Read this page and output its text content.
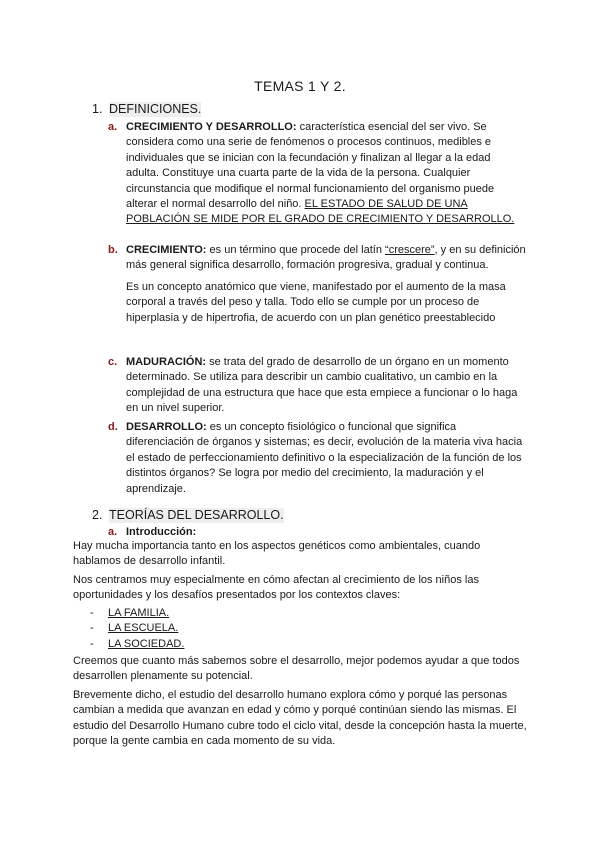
TEMAS 1 Y 2.
1. DEFINICIONES.
a. CRECIMIENTO Y DESARROLLO: característica esencial del ser vivo. Se considera como una serie de fenómenos o procesos continuos, medibles e individuales que se inician con la fecundación y finalizan al llegar a la edad adulta. Constituye una cuarta parte de la vida de la persona. Cualquier circunstancia que modifique el normal funcionamiento del organismo puede alterar el normal desarrollo del niño. EL ESTADO DE SALUD DE UNA POBLACIÓN SE MIDE POR EL GRADO DE CRECIMIENTO Y DESARROLLO.

b. CRECIMIENTO: es un término que procede del latín “crescere”, y en su definición más general significa desarrollo, formación progresiva, gradual y continua.

Es un concepto anatómico que viene, manifestado por el aumento de la masa corporal a través del peso y talla. Todo ello se cumple por un proceso de hiperplasia y de hipertrofia, de acuerdo con un plan genético preestablecido

c. MADURACIÓN: se trata del grado de desarrollo de un órgano en un momento determinado. Se utiliza para describir un cambio cualitativo, un cambio en la complejidad de una estructura que hace que esta empiece a funcionar o lo haga en un nivel superior.

d. DESARROLLO: es un concepto fisiológico o funcional que significa diferenciación de órganos y sistemas; es decir, evolución de la materia viva hacia el estado de perfeccionamiento definitivo o la especialización de la función de los distintos órganos? Se logra por medio del crecimiento, la maduración y el aprendizaje.

2. TEORÍAS DEL DESARROLLO.
a. Introducción:

Hay mucha importancia tanto en los aspectos genéticos como ambientales, cuando hablamos de desarrollo infantil.

Nos centramos muy especialmente en cómo afectan al crecimiento de los niños las oportunidades y los desafíos presentados por los contextos claves:

- LA FAMILIA.
- LA ESCUELA.
- LA SOCIEDAD.

Creemos que cuanto más sabemos sobre el desarrollo, mejor podemos ayudar a que todos desarrollen plenamente su potencial.

Brevemente dicho, el estudio del desarrollo humano explora cómo y porqué las personas cambian a medida que avanzan en edad y cómo y porqué continúan siendo las mismas. El estudio del Desarrollo Humano cubre todo el ciclo vital, desde la concepción hasta la muerte, porque la gente cambia en cada momento de su vida.
